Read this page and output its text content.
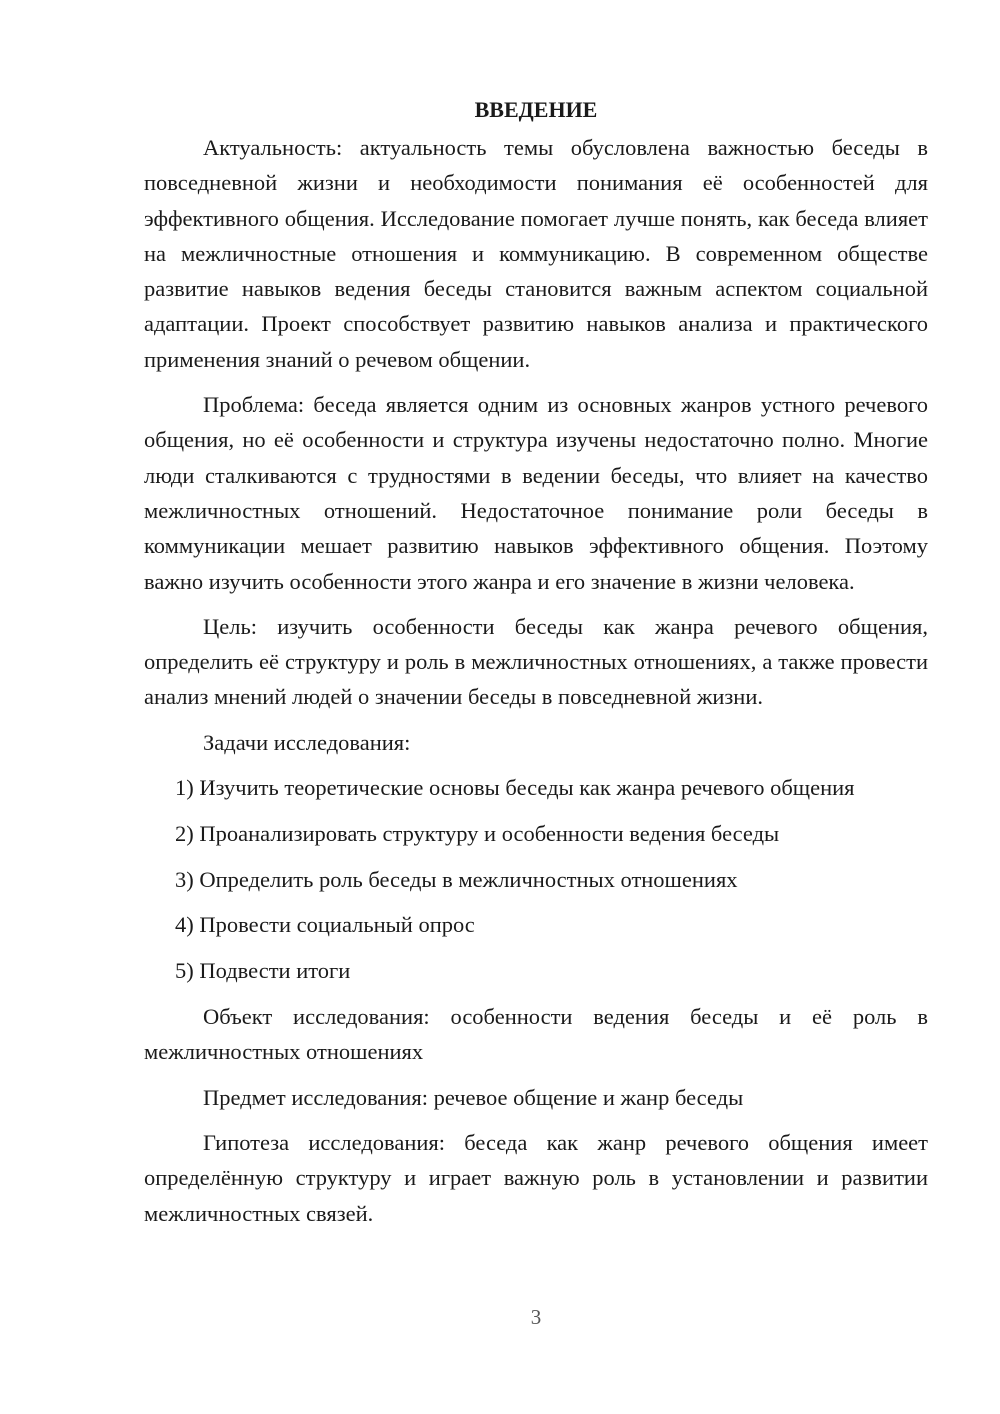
ВВЕДЕНИЕ

Актуальность: актуальность темы обусловлена важностью беседы в повседневной жизни и необходимости понимания её особенностей для эффективного общения. Исследование помогает лучше понять, как беседа влияет на межличностные отношения и коммуникацию. В современном обществе развитие навыков ведения беседы становится важным аспектом социальной адаптации. Проект способствует развитию навыков анализа и практического применения знаний о речевом общении.

Проблема: беседа является одним из основных жанров устного речевого общения, но её особенности и структура изучены недостаточно полно. Многие люди сталкиваются с трудностями в ведении беседы, что влияет на качество межличностных отношений. Недостаточное понимание роли беседы в коммуникации мешает развитию навыков эффективного общения. Поэтому важно изучить особенности этого жанра и его значение в жизни человека.

Цель: изучить особенности беседы как жанра речевого общения, определить её структуру и роль в межличностных отношениях, а также провести анализ мнений людей о значении беседы в повседневной жизни.

Задачи исследования:

1) Изучить теоретические основы беседы как жанра речевого общения
2) Проанализировать структуру и особенности ведения беседы
3) Определить роль беседы в межличностных отношениях
4) Провести социальный опрос
5) Подвести итоги

Объект исследования: особенности ведения беседы и её роль в межличностных отношениях

Предмет исследования: речевое общение и жанр беседы

Гипотеза исследования: беседа как жанр речевого общения имеет определённую структуру и играет важную роль в установлении и развитии межличностных связей.

3
